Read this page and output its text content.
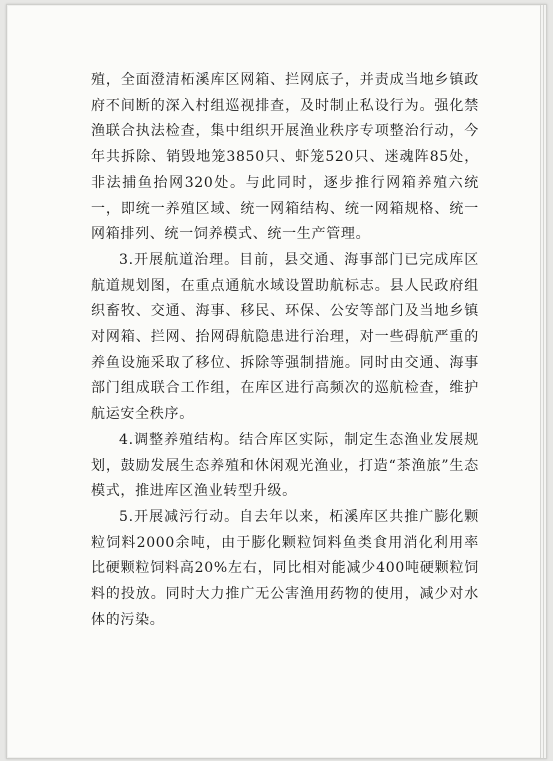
殖，全面澄清柘溪库区网箱、拦网底子，并责成当地乡镇政府不间断的深入村组巡视排查，及时制止私设行为。强化禁渔联合执法检查，集中组织开展渔业秩序专项整治行动，今年共拆除、销毁地笼3850只、虾笼520只、迷魂阵85处，非法捕鱼抬网320处。与此同时，逐步推行网箱养殖六统一，即统一养殖区域、统一网箱结构、统一网箱规格、统一网箱排列、统一饲养模式、统一生产管理。

3.开展航道治理。目前，县交通、海事部门已完成库区航道规划图，在重点通航水域设置助航标志。县人民政府组织畜牧、交通、海事、移民、环保、公安等部门及当地乡镇对网箱、拦网、抬网碍航隐患进行治理，对一些碍航严重的养鱼设施采取了移位、拆除等强制措施。同时由交通、海事部门组成联合工作组，在库区进行高频次的巡航检查，维护航运安全秩序。

4.调整养殖结构。结合库区实际，制定生态渔业发展规划，鼓励发展生态养殖和休闲观光渔业，打造“茶渔旅”生态模式，推进库区渔业转型升级。

5.开展减污行动。自去年以来，柘溪库区共推广膨化颗粒饲料2000余吨，由于膨化颗粒饲料鱼类食用消化利用率比硬颗粒饲料高20%左右，同比相对能减少400吨硬颗粒饲料的投放。同时大力推广无公害渔用药物的使用，减少对水体的污染。
